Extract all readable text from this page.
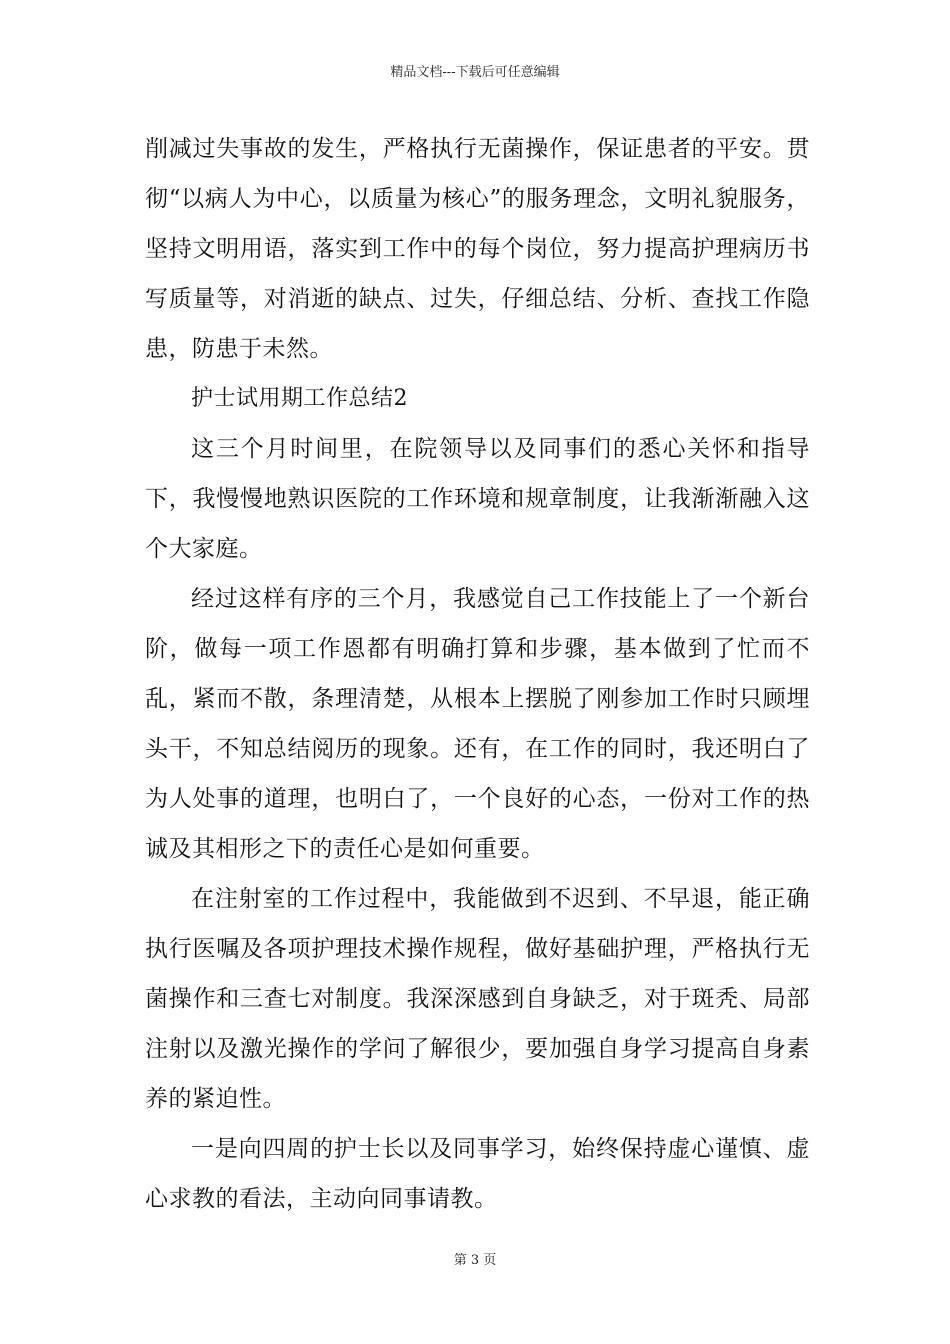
精品文档---下载后可任意编辑

削减过失事故的发生，严格执行无菌操作，保证患者的平安。贯彻“以病人为中心，以质量为核心”的服务理念，文明礼貌服务，坚持文明用语，落实到工作中的每个岗位，努力提高护理病历书写质量等，对消逝的缺点、过失，仔细总结、分析、查找工作隐患，防患于未然。

护士试用期工作总结2

这三个月时间里，在院领导以及同事们的悉心关怀和指导下，我慢慢地熟识医院的工作环境和规章制度，让我渐渐融入这个大家庭。

经过这样有序的三个月，我感觉自己工作技能上了一个新台阶，做每一项工作恩都有明确打算和步骤，基本做到了忙而不乱，紧而不散，条理清楚，从根本上摆脱了刚参加工作时只顾埋头干，不知总结阅历的现象。还有，在工作的同时，我还明白了为人处事的道理，也明白了，一个良好的心态，一份对工作的热诚及其相形之下的责任心是如何重要。

在注射室的工作过程中，我能做到不迟到、不早退，能正确执行医嘱及各项护理技术操作规程，做好基础护理，严格执行无菌操作和三查七对制度。我深深感到自身缺乏，对于斑秃、局部注射以及激光操作的学问了解很少，要加强自身学习提高自身素养的紧迫性。

一是向四周的护士长以及同事学习，始终保持虚心谨慎、虚心求教的看法，主动向同事请教。

第 3 页
